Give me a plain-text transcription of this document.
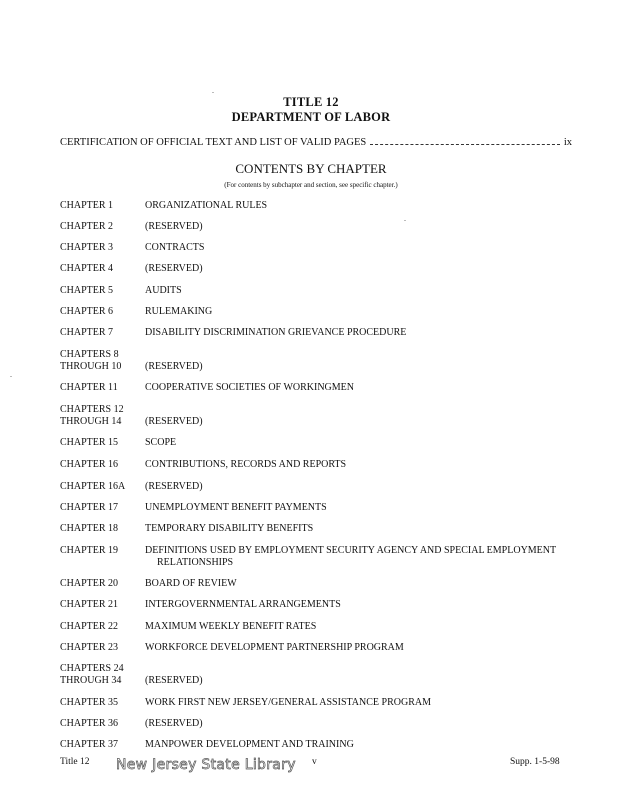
TITLE 12
DEPARTMENT OF LABOR
CERTIFICATION OF OFFICIAL TEXT AND LIST OF VALID PAGES	ix
CONTENTS BY CHAPTER
(For contents by subchapter and section, see specific chapter.)
CHAPTER 1	ORGANIZATIONAL RULES
CHAPTER 2	(RESERVED)
CHAPTER 3	CONTRACTS
CHAPTER 4	(RESERVED)
CHAPTER 5	AUDITS
CHAPTER 6	RULEMAKING
CHAPTER 7	DISABILITY DISCRIMINATION GRIEVANCE PROCEDURE
CHAPTERS 8
THROUGH 10	(RESERVED)
CHAPTER 11	COOPERATIVE SOCIETIES OF WORKINGMEN
CHAPTERS 12
THROUGH 14	(RESERVED)
CHAPTER 15	SCOPE
CHAPTER 16	CONTRIBUTIONS, RECORDS AND REPORTS
CHAPTER 16A	(RESERVED)
CHAPTER 17	UNEMPLOYMENT BENEFIT PAYMENTS
CHAPTER 18	TEMPORARY DISABILITY BENEFITS
CHAPTER 19	DEFINITIONS USED BY EMPLOYMENT SECURITY AGENCY AND SPECIAL EMPLOYMENT
RELATIONSHIPS
CHAPTER 20	BOARD OF REVIEW
CHAPTER 21	INTERGOVERNMENTAL ARRANGEMENTS
CHAPTER 22	MAXIMUM WEEKLY BENEFIT RATES
CHAPTER 23	WORKFORCE DEVELOPMENT PARTNERSHIP PROGRAM
CHAPTERS 24
THROUGH 34	(RESERVED)
CHAPTER 35	WORK FIRST NEW JERSEY/GENERAL ASSISTANCE PROGRAM
CHAPTER 36	(RESERVED)
CHAPTER 37	MANPOWER DEVELOPMENT AND TRAINING
Title 12 New Jersey State Library v	Supp. 1-5-98
